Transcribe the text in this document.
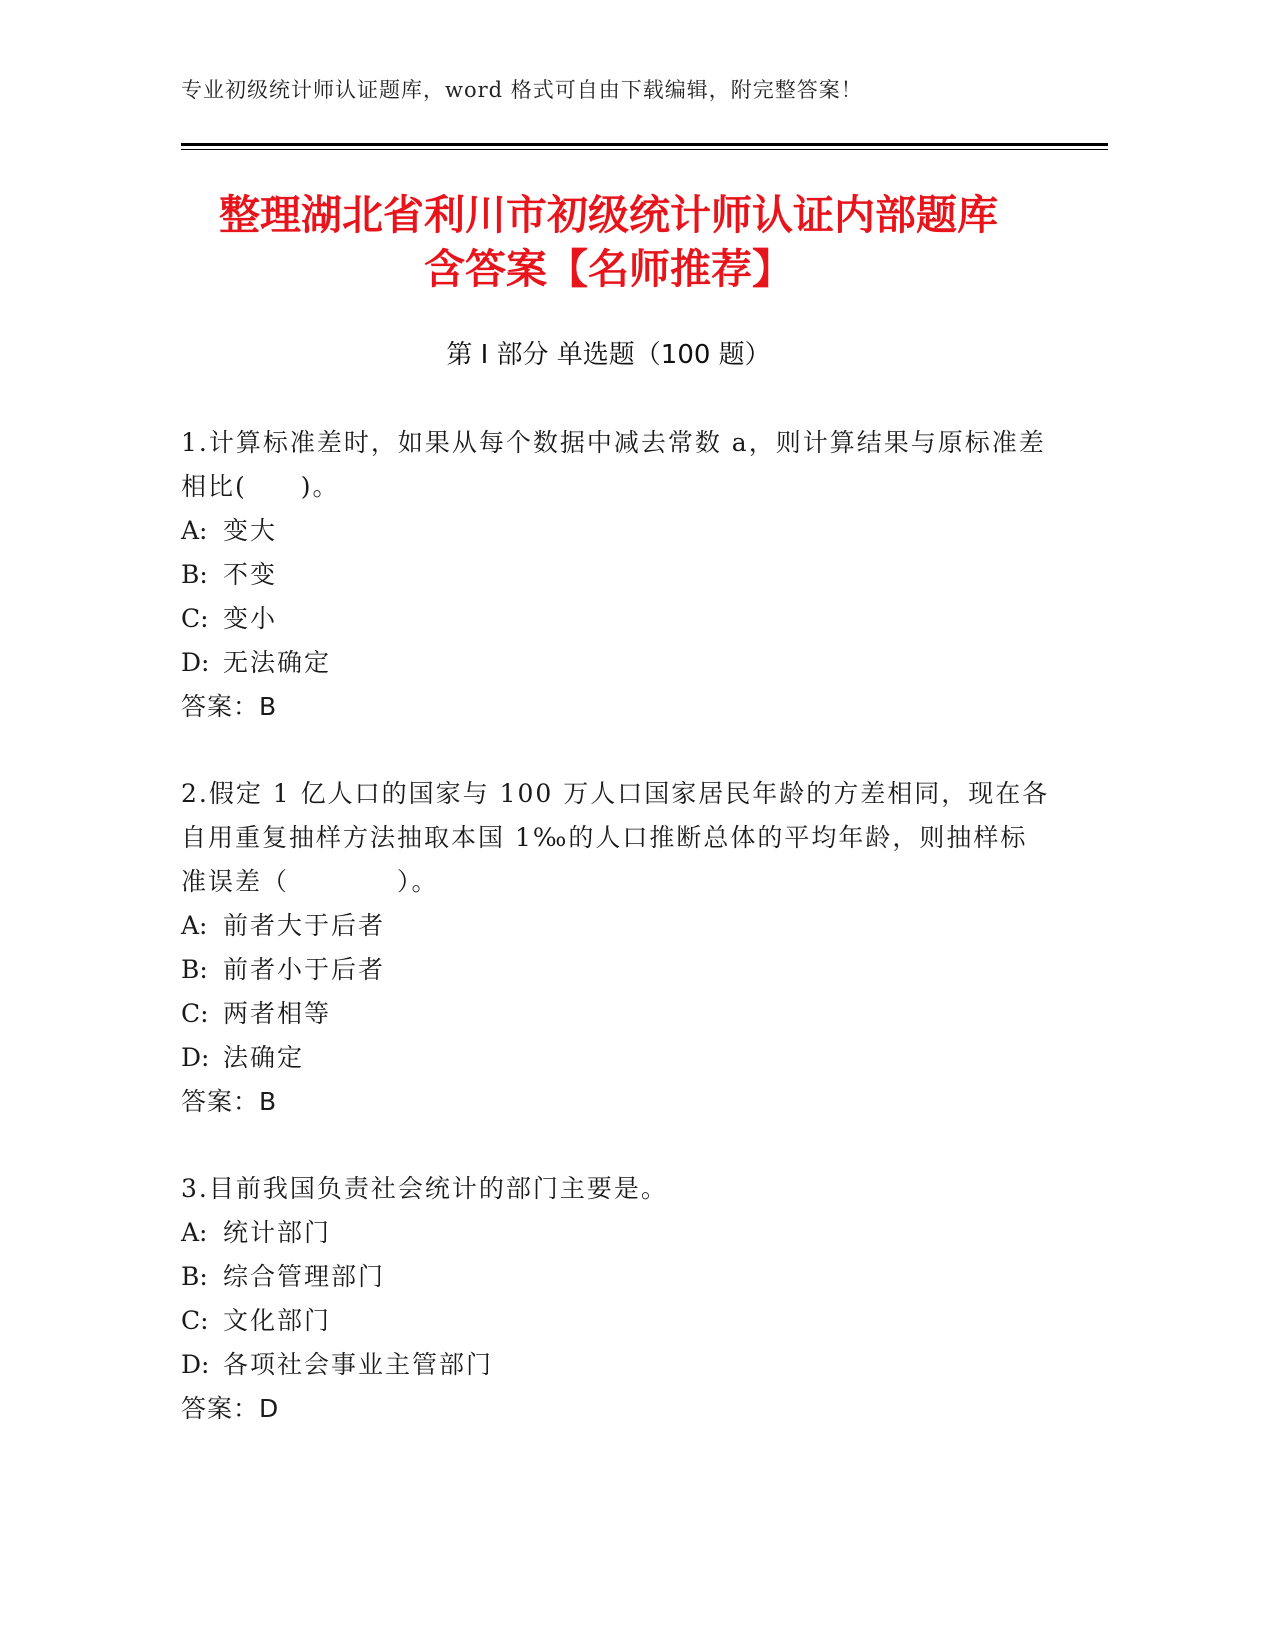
专业初级统计师认证题库，word 格式可自由下载编辑，附完整答案！
整理湖北省利川市初级统计师认证内部题库
含答案【名师推荐】
第 I 部分 单选题（100 题）
1.计算标准差时，如果从每个数据中减去常数 a，则计算结果与原标准差相比(　　)。
A: 变大
B: 不变
C: 变小
D: 无法确定
答案：B
2.假定 1 亿人口的国家与 100 万人口国家居民年龄的方差相同，现在各自用重复抽样方法抽取本国 1‰的人口推断总体的平均年龄，则抽样标准误差（　　　　）。
A: 前者大于后者
B: 前者小于后者
C: 两者相等
D: 法确定
答案：B
3.目前我国负责社会统计的部门主要是。
A: 统计部门
B: 综合管理部门
C: 文化部门
D: 各项社会事业主管部门
答案：D
